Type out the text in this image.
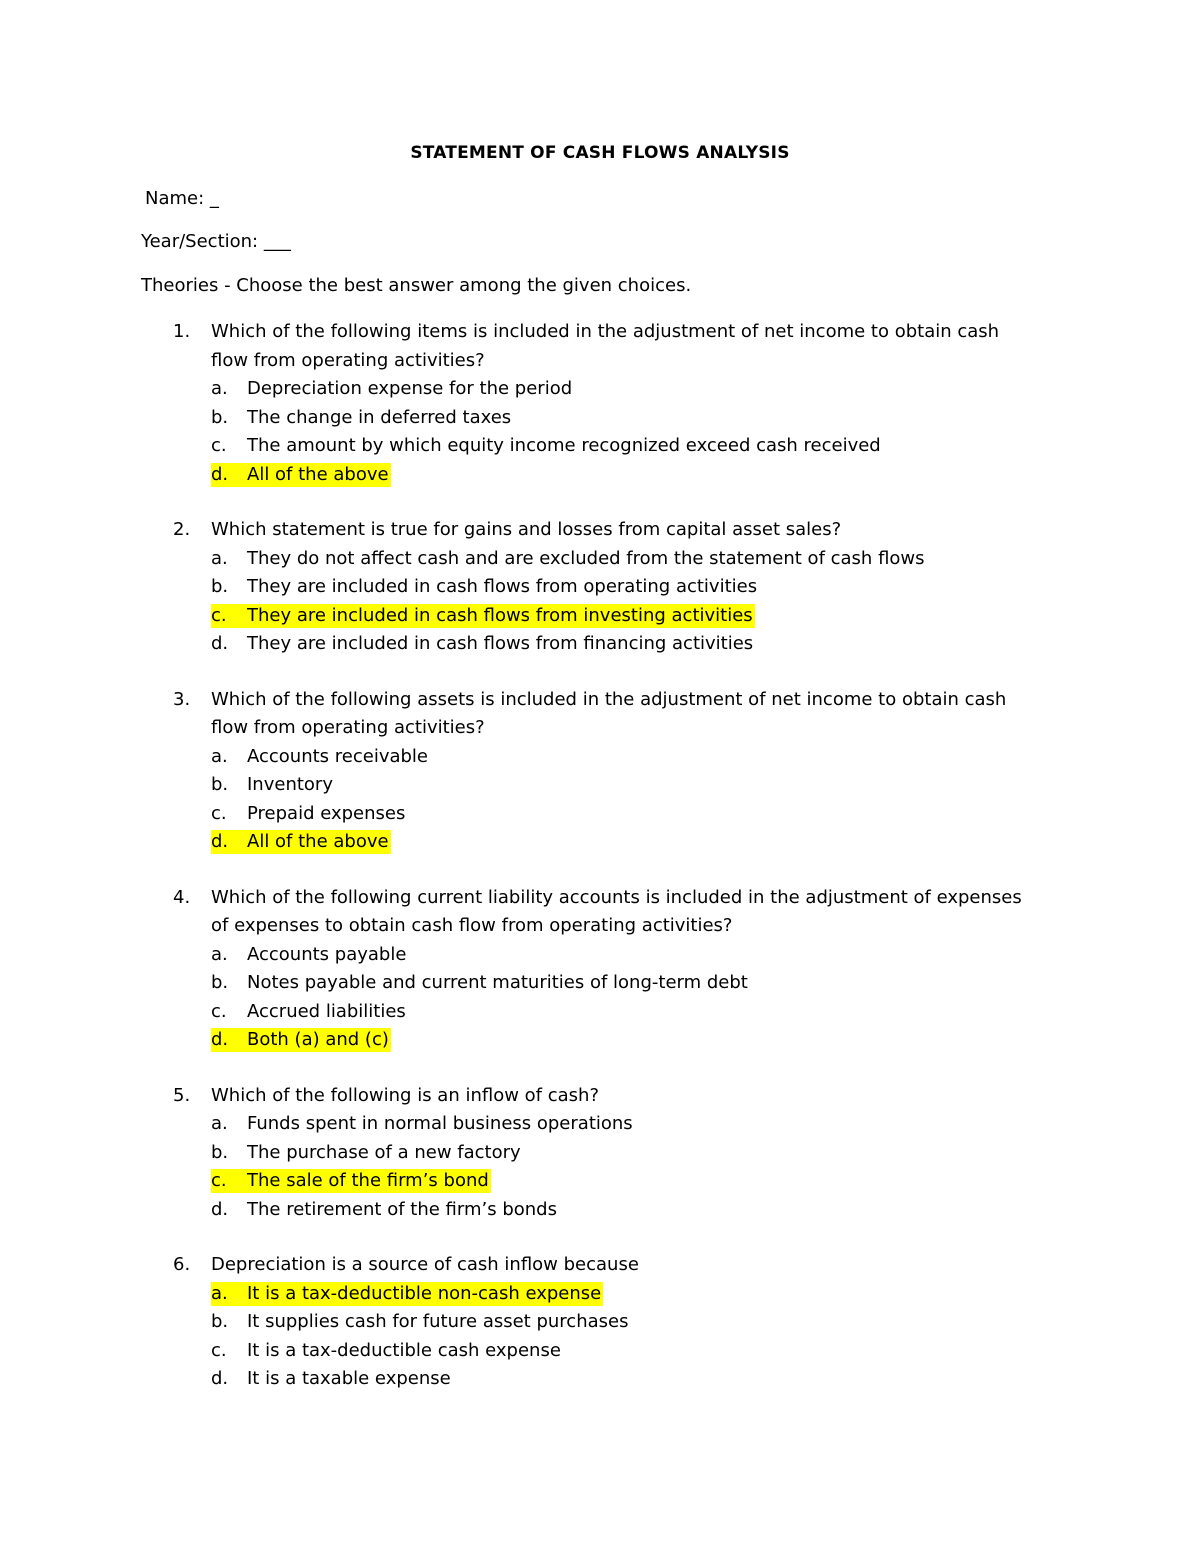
STATEMENT OF CASH FLOWS ANALYSIS
Name: _
Year/Section: ___
Theories - Choose the best answer among the given choices.
1. Which of the following items is included in the adjustment of net income to obtain cash flow from operating activities?
a. Depreciation expense for the period
b. The change in deferred taxes
c. The amount by which equity income recognized exceed cash received
d. All of the above
2. Which statement is true for gains and losses from capital asset sales?
a. They do not affect cash and are excluded from the statement of cash flows
b. They are included in cash flows from operating activities
c. They are included in cash flows from investing activities
d. They are included in cash flows from financing activities
3. Which of the following assets is included in the adjustment of net income to obtain cash flow from operating activities?
a. Accounts receivable
b. Inventory
c. Prepaid expenses
d. All of the above
4. Which of the following current liability accounts is included in the adjustment of expenses of expenses to obtain cash flow from operating activities?
a. Accounts payable
b. Notes payable and current maturities of long-term debt
c. Accrued liabilities
d. Both (a) and (c)
5. Which of the following is an inflow of cash?
a. Funds spent in normal business operations
b. The purchase of a new factory
c. The sale of the firm’s bond
d. The retirement of the firm’s bonds
6. Depreciation is a source of cash inflow because
a. It is a tax-deductible non-cash expense
b. It supplies cash for future asset purchases
c. It is a tax-deductible cash expense
d. It is a taxable expense
